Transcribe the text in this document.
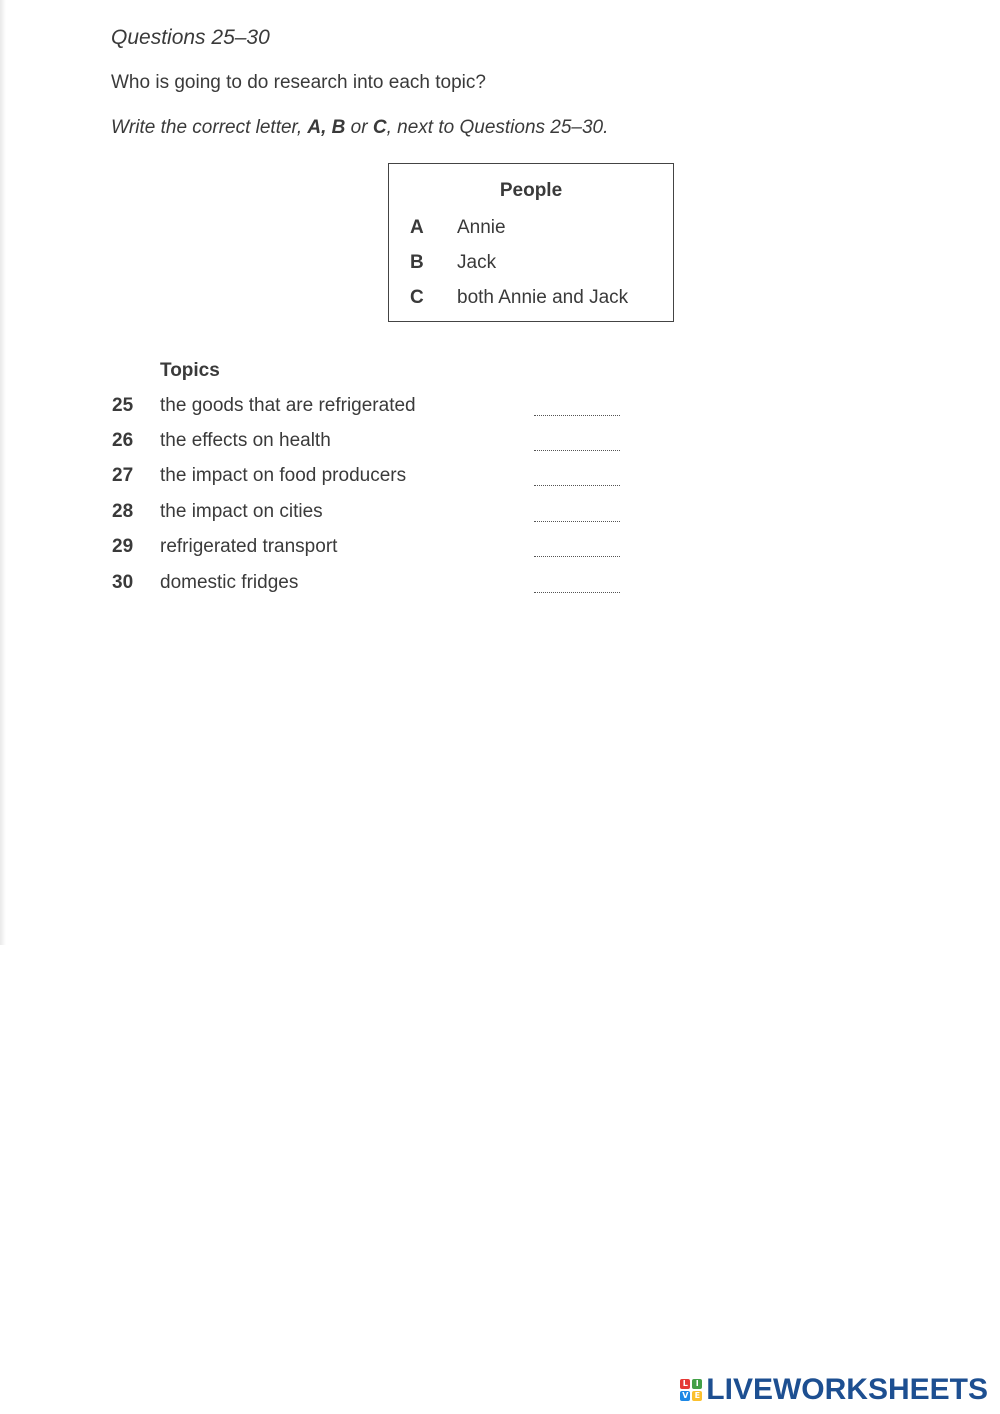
Questions 25–30
Who is going to do research into each topic?
Write the correct letter, A, B or C, next to Questions 25–30.
People
A	Annie
B	Jack
C	both Annie and Jack
Topics
25 the goods that are refrigerated
26 the effects on health
27 the impact on food producers
28 the impact on cities
29 refrigerated transport
30 domestic fridges
L I
V E LIVEWORKSHEETS
